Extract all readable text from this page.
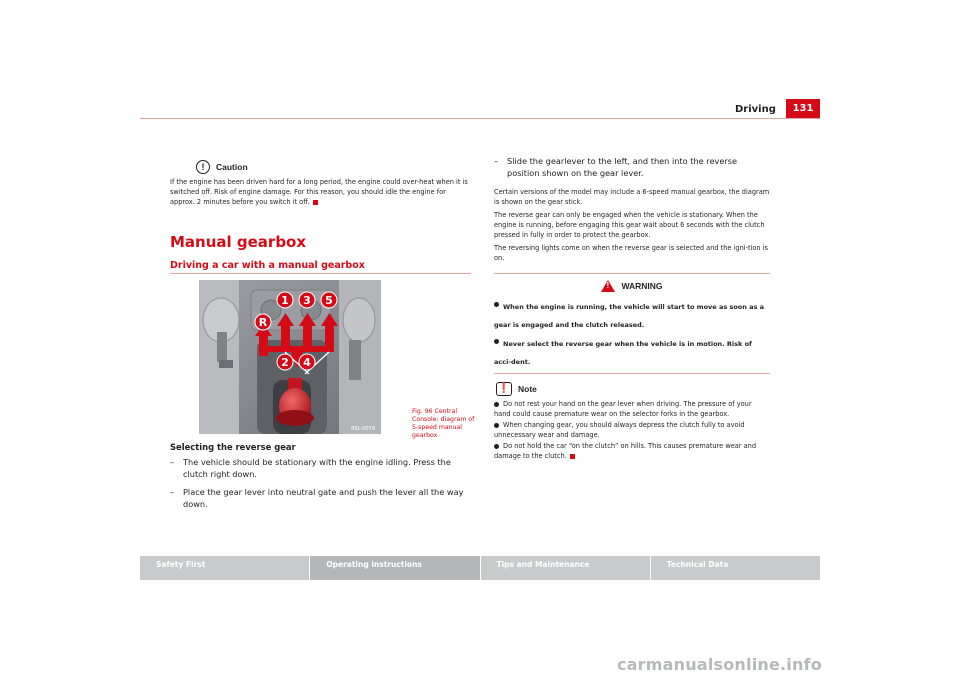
Driving	131
!	Caution

If the engine has been driven hard for a long period, the engine could over-heat when it is switched off. Risk of engine damage. For this reason, you should idle the engine for approx. 2 minutes before you switch it off.

Manual gearbox
Driving a car with a manual gearbox
1 3 5
R
2 4
B6L-0079
Fig. 96 Central Console: diagram of 5-speed manual gearbox
Selecting the reverse gear
– The vehicle should be stationary with the engine idling. Press the clutch right down.
– Place the gear lever into neutral gate and push the lever all the way down.
– Slide the gearlever to the left, and then into the reverse position shown on the gear lever.

Certain versions of the model may include a 6-speed manual gearbox, the diagram is shown on the gear stick.

The reverse gear can only be engaged when the vehicle is stationary. When the engine is running, before engaging this gear wait about 6 seconds with the clutch pressed in fully in order to protect the gearbox.

The reversing lights come on when the reverse gear is selected and the igni-tion is on.

! WARNING
When the engine is running, the vehicle will start to move as soon as a gear is engaged and the clutch released.
Never select the reverse gear when the vehicle is in motion. Risk of acci-dent.
❗ Note
Do not rest your hand on the gear lever when driving. The pressure of your hand could cause premature wear on the selector forks in the gearbox.
When changing gear, you should always depress the clutch fully to avoid unnecessary wear and damage.
Do not hold the car “on the clutch” on hills. This causes premature wear and damage to the clutch.
Safety First	Operating instructions	Tips and Maintenance	Technical Data
carmanualsonline.info
